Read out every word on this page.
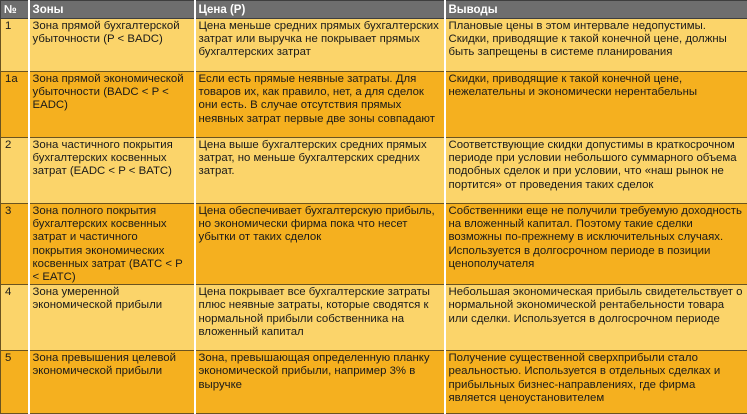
№	Зоны	Цена (Р)	Выводы
1	Зона прямой бухгалтерской убыточности (P < BADC)	Цена меньше средних прямых бухгалтерских затрат или выручка не покрывает прямых бухгалтерских затрат	Плановые цены в этом интервале недопустимы. Скидки, приводящие к такой конечной цене, должны быть запрещены в системе планирования
1a	Зона прямой экономической убыточности (BADC < P < EADC)	Если есть прямые неявные затраты. Для товаров их, как правило, нет, а для сделок они есть. В случае отсутствия прямых неявных затрат первые две зоны совпадают	Скидки, приводящие к такой конечной цене, нежелательны и экономически нерентабельны
2	Зона частичного покрытия бухгалтерских косвенных затрат (EADC < P < BATC)	Цена выше бухгалтерских средних прямых затрат, но меньше бухгалтерских средних затрат.	Соответствующие скидки допустимы в краткосрочном периоде при условии небольшого суммарного объема подобных сделок и при условии, что «наш рынок не портится» от проведения таких сделок
3	Зона полного покрытия бухгалтерских косвенных затрат и частичного покрытия экономических косвенных затрат (BATC < P < EATC)	Цена обеспечивает бухгалтерскую прибыль, но экономически фирма пока что несет убытки от таких сделок	Собственники еще не получили требуемую доходность на вложенный капитал. Поэтому такие сделки возможны по-прежнему в исключительных случаях. Используется в долгосрочном периоде в позиции ценополучателя
4	Зона умеренной экономической прибыли	Цена покрывает все бухгалтерские затраты плюс неявные затраты, которые сводятся к нормальной прибыли собственника на вложенный капитал	Небольшая экономическая прибыль свидетельствует о нормальной экономической рентабельности товара или сделки. Используется в долгосрочном периоде
5	Зона превышения целевой экономической прибыли	Зона, превышающая определенную планку экономической прибыли, например 3% в выручке	Получение существенной сверхприбыли стало реальностью. Используется в отдельных сделках и прибыльных бизнес-направлениях, где фирма является ценоустановителем
